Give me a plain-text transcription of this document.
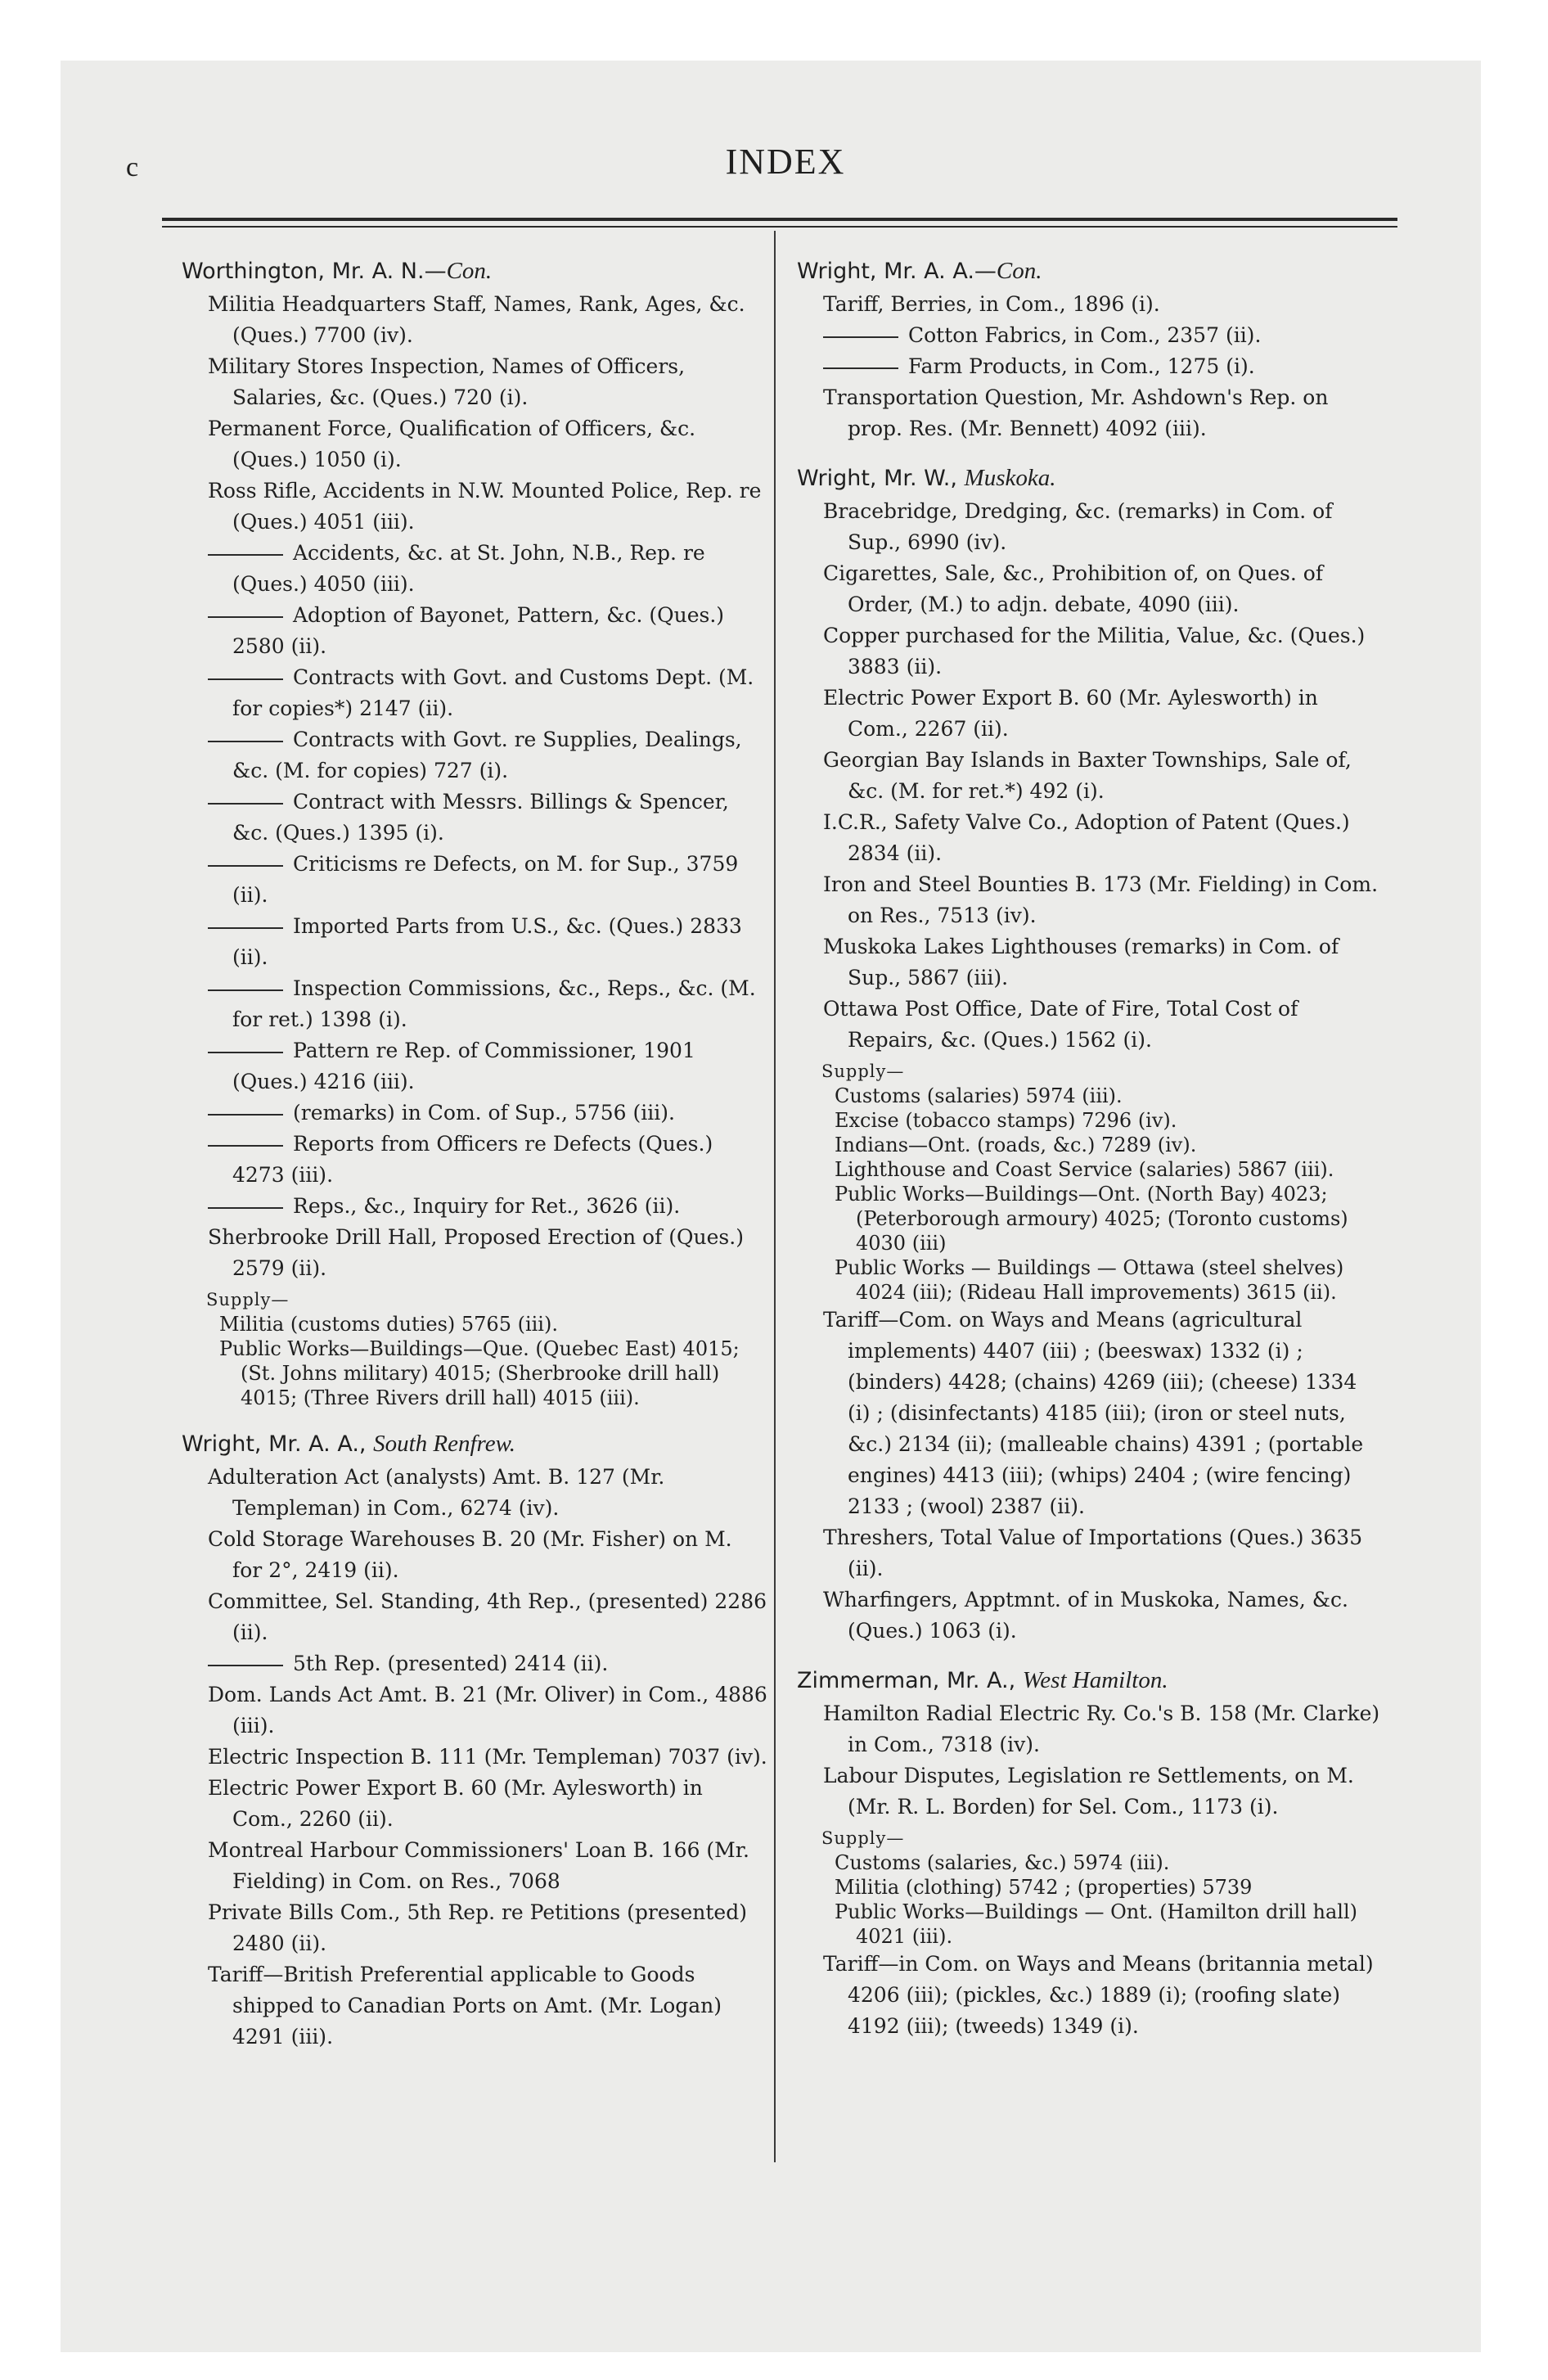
c	INDEX
Worthington, Mr. A. N.—Con.
Militia Headquarters Staff, Names, Rank, Ages, &c. (Ques.) 7700 (iv).
Military Stores Inspection, Names of Officers, Salaries, &c. (Ques.) 720 (i).
Permanent Force, Qualification of Officers, &c. (Ques.) 1050 (i).
Ross Rifle, Accidents in N.W. Mounted Police, Rep. re (Ques.) 4051 (iii).
Accidents, &c. at St. John, N.B., Rep. re (Ques.) 4050 (iii).
Adoption of Bayonet, Pattern, &c. (Ques.) 2580 (ii).
Contracts with Govt. and Customs Dept. (M. for copies*) 2147 (ii).
Contracts with Govt. re Supplies, Dealings, &c. (M. for copies) 727 (i).
Contract with Messrs. Billings & Spencer, &c. (Ques.) 1395 (i).
Criticisms re Defects, on M. for Sup., 3759 (ii).
Imported Parts from U.S., &c. (Ques.) 2833 (ii).
Inspection Commissions, &c., Reps., &c. (M. for ret.) 1398 (i).
Pattern re Rep. of Commissioner, 1901 (Ques.) 4216 (iii).
(remarks) in Com. of Sup., 5756 (iii).
Reports from Officers re Defects (Ques.) 4273 (iii).
Reps., &c., Inquiry for Ret., 3626 (ii).
Sherbrooke Drill Hall, Proposed Erection of (Ques.) 2579 (ii).
Supply—
Militia (customs duties) 5765 (iii).
Public Works—Buildings—Que. (Quebec East) 4015; (St. Johns military) 4015; (Sherbrooke drill hall) 4015; (Three Rivers drill hall) 4015 (iii).
Wright, Mr. A. A., South Renfrew.
Adulteration Act (analysts) Amt. B. 127 (Mr. Templeman) in Com., 6274 (iv).
Cold Storage Warehouses B. 20 (Mr. Fisher) on M. for 2°, 2419 (ii).
Committee, Sel. Standing, 4th Rep., (presented) 2286 (ii).
5th Rep. (presented) 2414 (ii).
Dom. Lands Act Amt. B. 21 (Mr. Oliver) in Com., 4886 (iii).
Electric Inspection B. 111 (Mr. Templeman) 7037 (iv).
Electric Power Export B. 60 (Mr. Aylesworth) in Com., 2260 (ii).
Montreal Harbour Commissioners' Loan B. 166 (Mr. Fielding) in Com. on Res., 7068
Private Bills Com., 5th Rep. re Petitions (presented) 2480 (ii).
Tariff—British Preferential applicable to Goods shipped to Canadian Ports on Amt. (Mr. Logan) 4291 (iii).
Wright, Mr. A. A.—Con.
Tariff, Berries, in Com., 1896 (i).
Cotton Fabrics, in Com., 2357 (ii).
Farm Products, in Com., 1275 (i).
Transportation Question, Mr. Ashdown's Rep. on prop. Res. (Mr. Bennett) 4092 (iii).
Wright, Mr. W., Muskoka.
Bracebridge, Dredging, &c. (remarks) in Com. of Sup., 6990 (iv).
Cigarettes, Sale, &c., Prohibition of, on Ques. of Order, (M.) to adjn. debate, 4090 (iii).
Copper purchased for the Militia, Value, &c. (Ques.) 3883 (ii).
Electric Power Export B. 60 (Mr. Aylesworth) in Com., 2267 (ii).
Georgian Bay Islands in Baxter Townships, Sale of, &c. (M. for ret.*) 492 (i).
I.C.R., Safety Valve Co., Adoption of Patent (Ques.) 2834 (ii).
Iron and Steel Bounties B. 173 (Mr. Fielding) in Com. on Res., 7513 (iv).
Muskoka Lakes Lighthouses (remarks) in Com. of Sup., 5867 (iii).
Ottawa Post Office, Date of Fire, Total Cost of Repairs, &c. (Ques.) 1562 (i).
Supply—
Customs (salaries) 5974 (iii).
Excise (tobacco stamps) 7296 (iv).
Indians—Ont. (roads, &c.) 7289 (iv).
Lighthouse and Coast Service (salaries) 5867 (iii).
Public Works—Buildings—Ont. (North Bay) 4023; (Peterborough armoury) 4025; (Toronto customs) 4030 (iii)
Public Works — Buildings — Ottawa (steel shelves) 4024 (iii); (Rideau Hall improvements) 3615 (ii).
Tariff—Com. on Ways and Means (agricultural implements) 4407 (iii) ; (beeswax) 1332 (i) ; (binders) 4428; (chains) 4269 (iii); (cheese) 1334 (i) ; (disinfectants) 4185 (iii); (iron or steel nuts, &c.) 2134 (ii); (malleable chains) 4391 ; (portable engines) 4413 (iii); (whips) 2404 ; (wire fencing) 2133 ; (wool) 2387 (ii).
Threshers, Total Value of Importations (Ques.) 3635 (ii).
Wharfingers, Apptmnt. of in Muskoka, Names, &c. (Ques.) 1063 (i).
Zimmerman, Mr. A., West Hamilton.
Hamilton Radial Electric Ry. Co.'s B. 158 (Mr. Clarke) in Com., 7318 (iv).
Labour Disputes, Legislation re Settlements, on M. (Mr. R. L. Borden) for Sel. Com., 1173 (i).
Supply—
Customs (salaries, &c.) 5974 (iii).
Militia (clothing) 5742 ; (properties) 5739
Public Works—Buildings — Ont. (Hamilton drill hall) 4021 (iii).
Tariff—in Com. on Ways and Means (britannia metal) 4206 (iii); (pickles, &c.) 1889 (i); (roofing slate) 4192 (iii); (tweeds) 1349 (i).
